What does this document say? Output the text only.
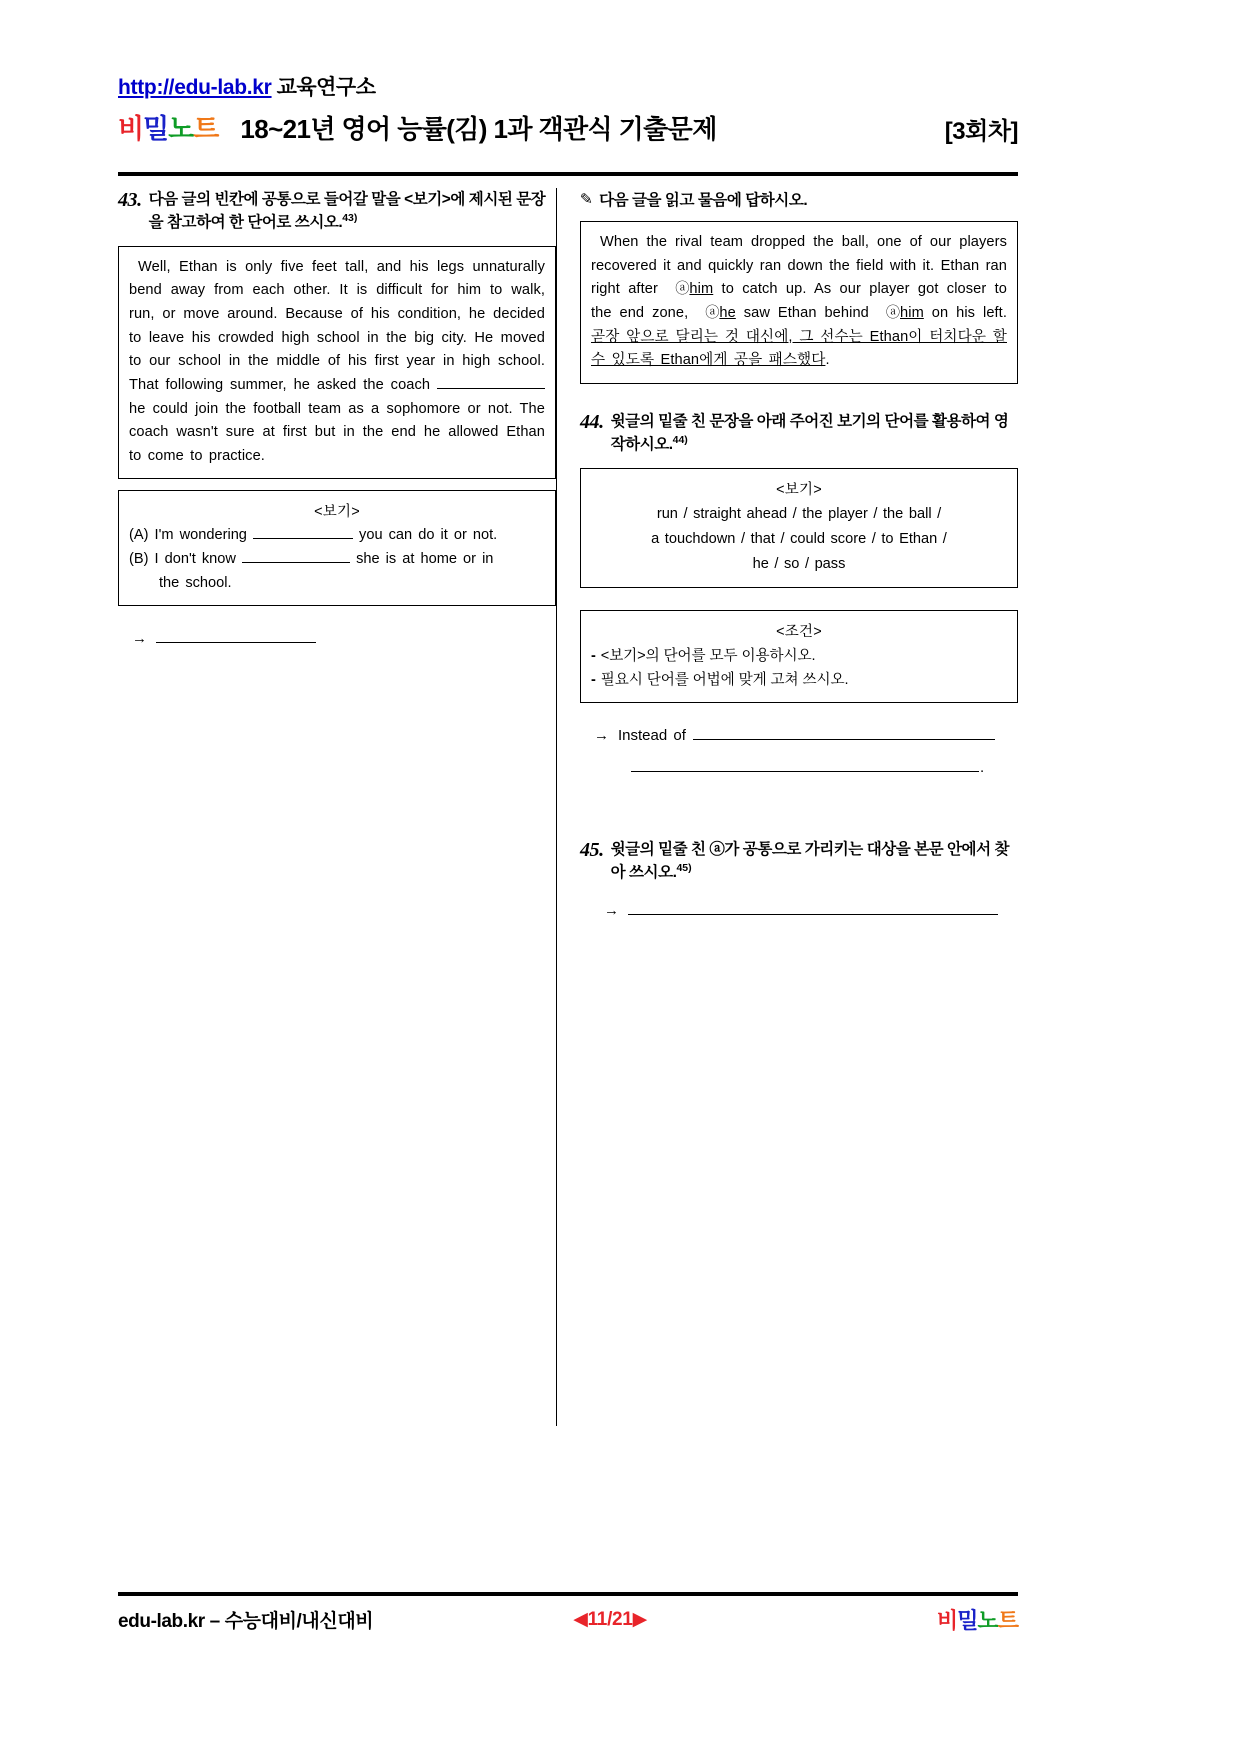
http://edu-lab.kr 교육연구소
비밀노트 18~21년 영어 능률(김) 1과 객관식 기출문제	[3회차]
43. 다음 글의 빈칸에 공통으로 들어갈 말을 <보기>에 제시된 문장을 참고하여 한 단어로 쓰시오.$^{43)}$
Well, Ethan is only five feet tall, and his legs unnaturally bend away from each other. It is difficult for him to walk, run, or move around. Because of his condition, he decided to leave his crowded high school in the big city. He moved to our school in the middle of his first year in high school. That following summer, he asked the coach  he could join the football team as a sophomore or not. The coach wasn't sure at first but in the end he allowed Ethan to come to practice.
<보기>
(A) I'm wondering	you can do it or not.
(B) I don't know	she is at home or in
the school.
→
✎ 다음 글을 읽고 물음에 답하시오.
When the rival team dropped the ball, one of our players recovered it and quickly ran down the field with it. Ethan ran right after ⓐhim to catch up. As our player got closer to the end zone, ⓐhe saw Ethan behind ⓐhim on his left. 곧장 앞으로 달리는 것 대신에, 그 선수는 Ethan이 터치다운 할 수 있도록 Ethan에게 공을 패스했다.
44. 윗글의 밑줄 친 문장을 아래 주어진 보기의 단어를 활용하여 영작하시오.$^{44)}$
<보기>
run / straight ahead / the player / the ball /
a touchdown / that / could score / to Ethan /
he / so / pass
<조건>
- <보기>의 단어를 모두 이용하시오.
- 필요시 단어를 어법에 맞게 고쳐 쓰시오.
→ Instead of
.
45. 윗글의 밑줄 친 ⓐ가 공통으로 가리키는 대상을 본문 안에서 찾아 쓰시오.$^{45)}$
→
edu-lab.kr – 수능대비/내신대비	◀11/21▶	비밀노트
